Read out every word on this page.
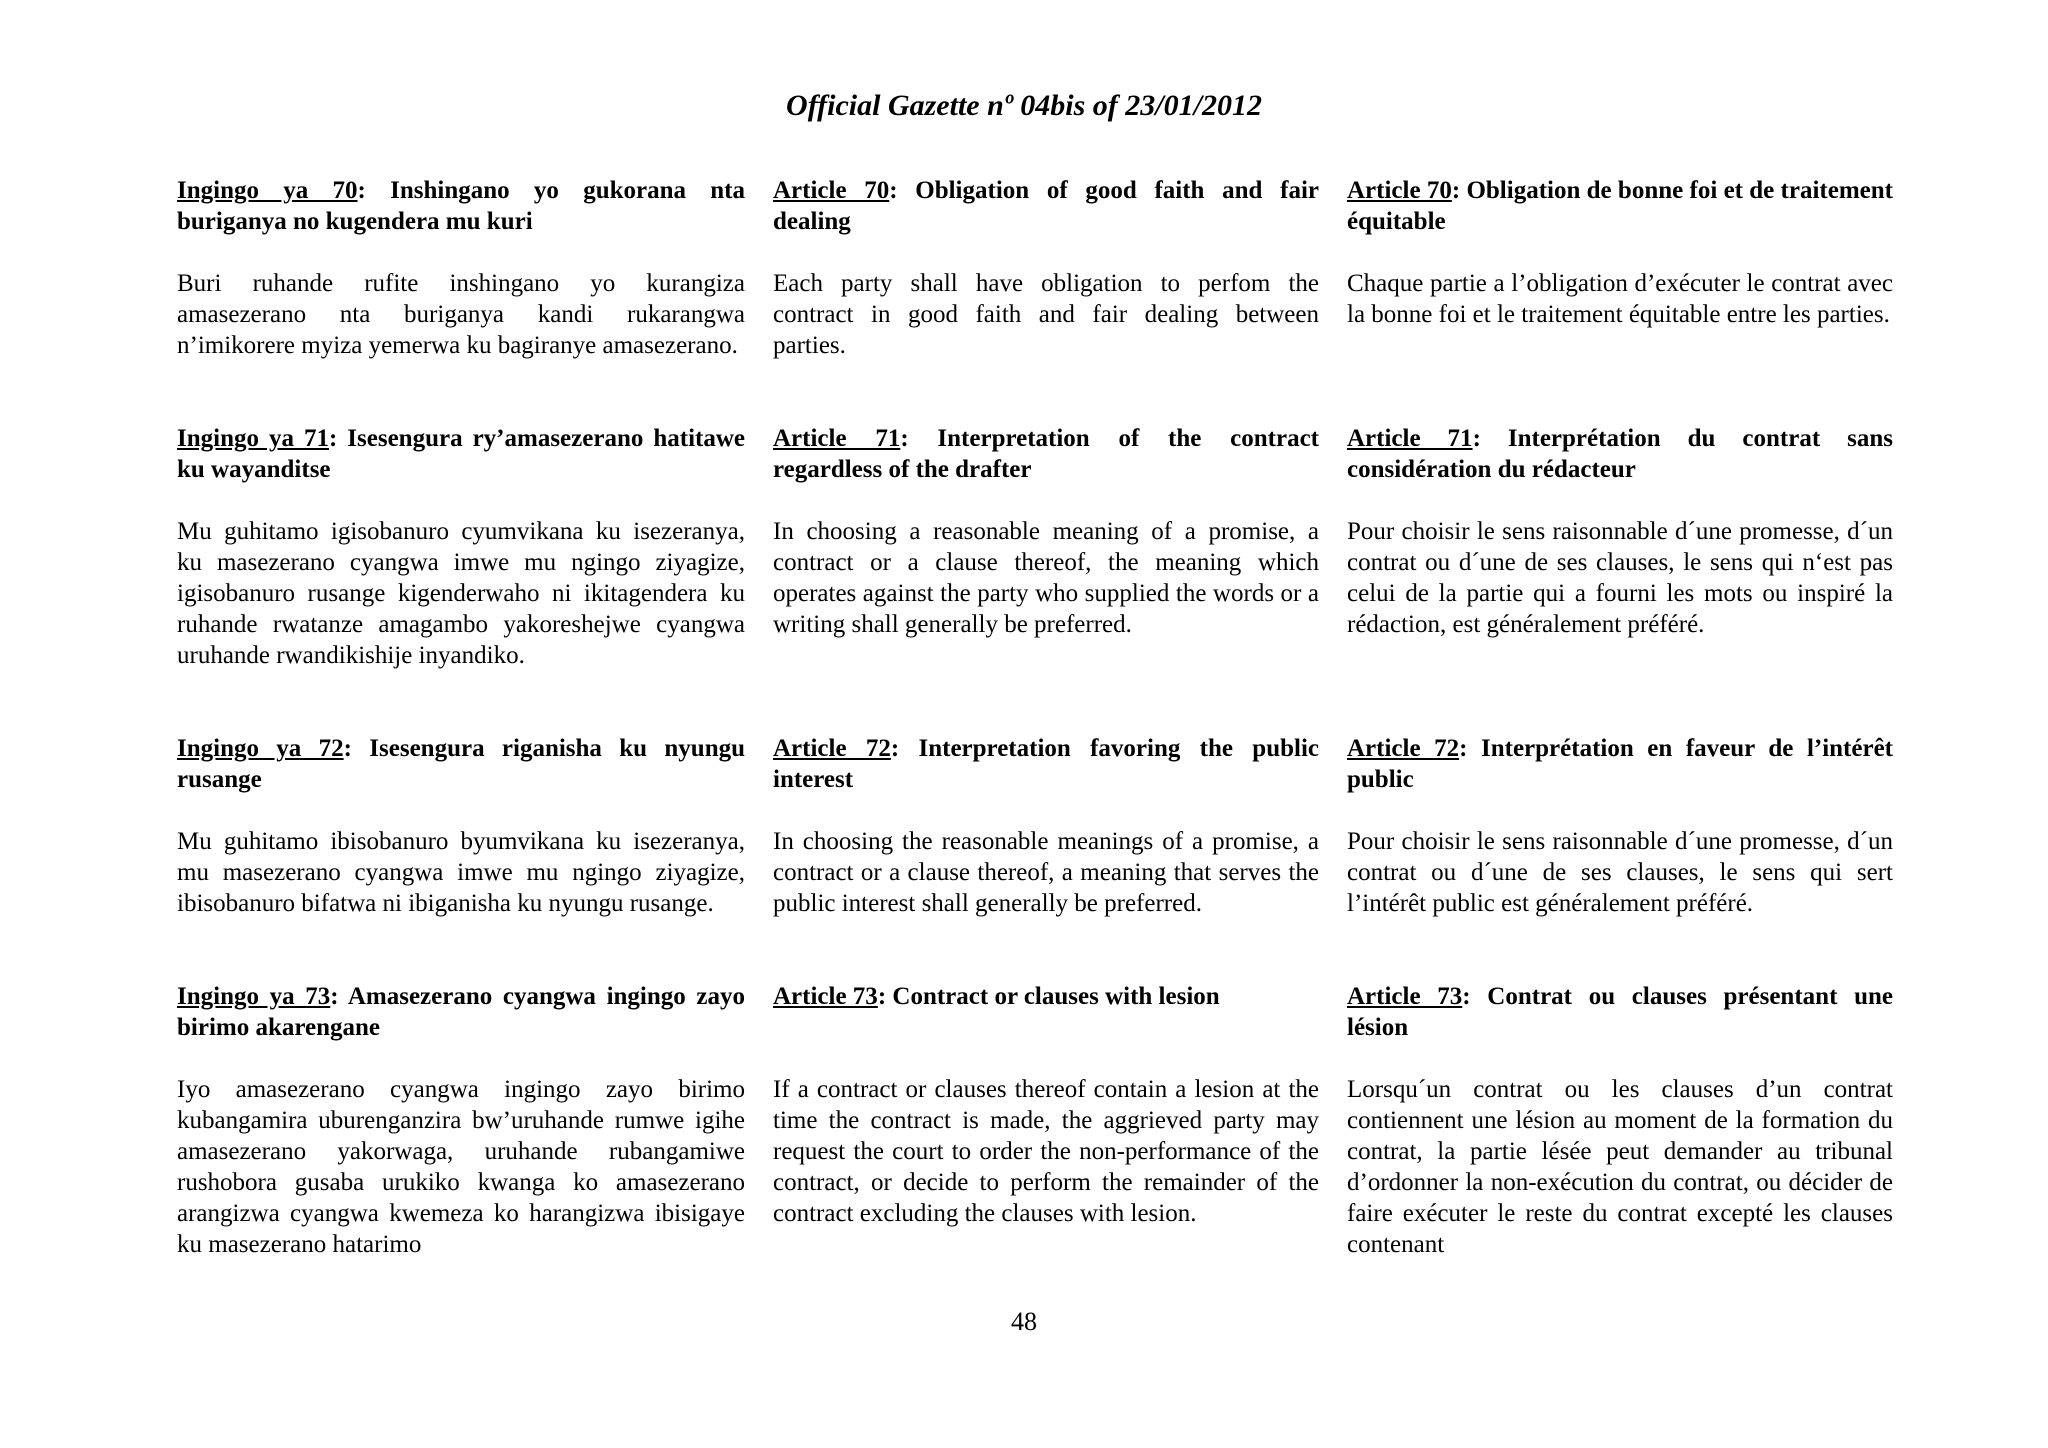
Official Gazette nº 04bis of 23/01/2012

Ingingo ya 70: Inshingano yo gukorana nta buriganya no kugendera mu kuri

Buri ruhande rufite inshingano yo kurangiza amasezerano nta buriganya kandi rukarangwa n’imikorere myiza yemerwa ku bagiranye amasezerano.

Ingingo ya 71: Isesengura ry’amasezerano hatitawe ku wayanditse

Mu guhitamo igisobanuro cyumvikana ku isezeranya, ku masezerano cyangwa imwe mu ngingo ziyagize, igisobanuro rusange kigenderwaho ni ikitagendera ku ruhande rwatanze amagambo yakoreshejwe cyangwa uruhande rwandikishije inyandiko.

Ingingo ya 72: Isesengura riganisha ku nyungu rusange

Mu guhitamo ibisobanuro byumvikana ku isezeranya, mu masezerano cyangwa imwe mu ngingo ziyagize, ibisobanuro bifatwa ni ibiganisha ku nyungu rusange.

Ingingo ya 73: Amasezerano cyangwa ingingo zayo birimo akarengane

Iyo amasezerano cyangwa ingingo zayo birimo kubangamira uburenganzira bw’uruhande rumwe igihe amasezerano yakorwaga, uruhande rubangamiwe rushobora gusaba urukiko kwanga ko amasezerano arangizwa cyangwa kwemeza ko harangizwa ibisigaye ku masezerano hatarimo

Article 70: Obligation of good faith and fair dealing

Each party shall have obligation to perfom the contract in good faith and fair dealing between parties.

Article 71: Interpretation of the contract regardless of the drafter

In choosing a reasonable meaning of a promise, a contract or a clause thereof, the meaning which operates against the party who supplied the words or a writing shall generally be preferred.

Article 72: Interpretation favoring the public interest

In choosing the reasonable meanings of a promise, a contract or a clause thereof, a meaning that serves the public interest shall generally be preferred.

Article 73: Contract or clauses with lesion

If a contract or clauses thereof contain a lesion at the time the contract is made, the aggrieved party may request the court to order the non-performance of the contract, or decide to perform the remainder of the contract excluding the clauses with lesion.

Article 70: Obligation de bonne foi et de traitement équitable

Chaque partie a l’obligation d’exécuter le contrat avec la bonne foi et le traitement équitable entre les parties.

Article 71: Interprétation du contrat sans considération du rédacteur

Pour choisir le sens raisonnable d´une promesse, d´un contrat ou d´une de ses clauses, le sens qui n‘est pas celui de la partie qui a fourni les mots ou inspiré la rédaction, est généralement préféré.

Article 72: Interprétation en faveur de l’intérêt public

Pour choisir le sens raisonnable d´une promesse, d´un contrat ou d´une de ses clauses, le sens qui sert l’intérêt public est généralement préféré.

Article 73: Contrat ou clauses présentant une lésion

Lorsqu´un contrat ou les clauses d’un contrat contiennent une lésion au moment de la formation du contrat, la partie lésée peut demander au tribunal d’ordonner la non-exécution du contrat, ou décider de faire exécuter le reste du contrat excepté les clauses contenant

48
